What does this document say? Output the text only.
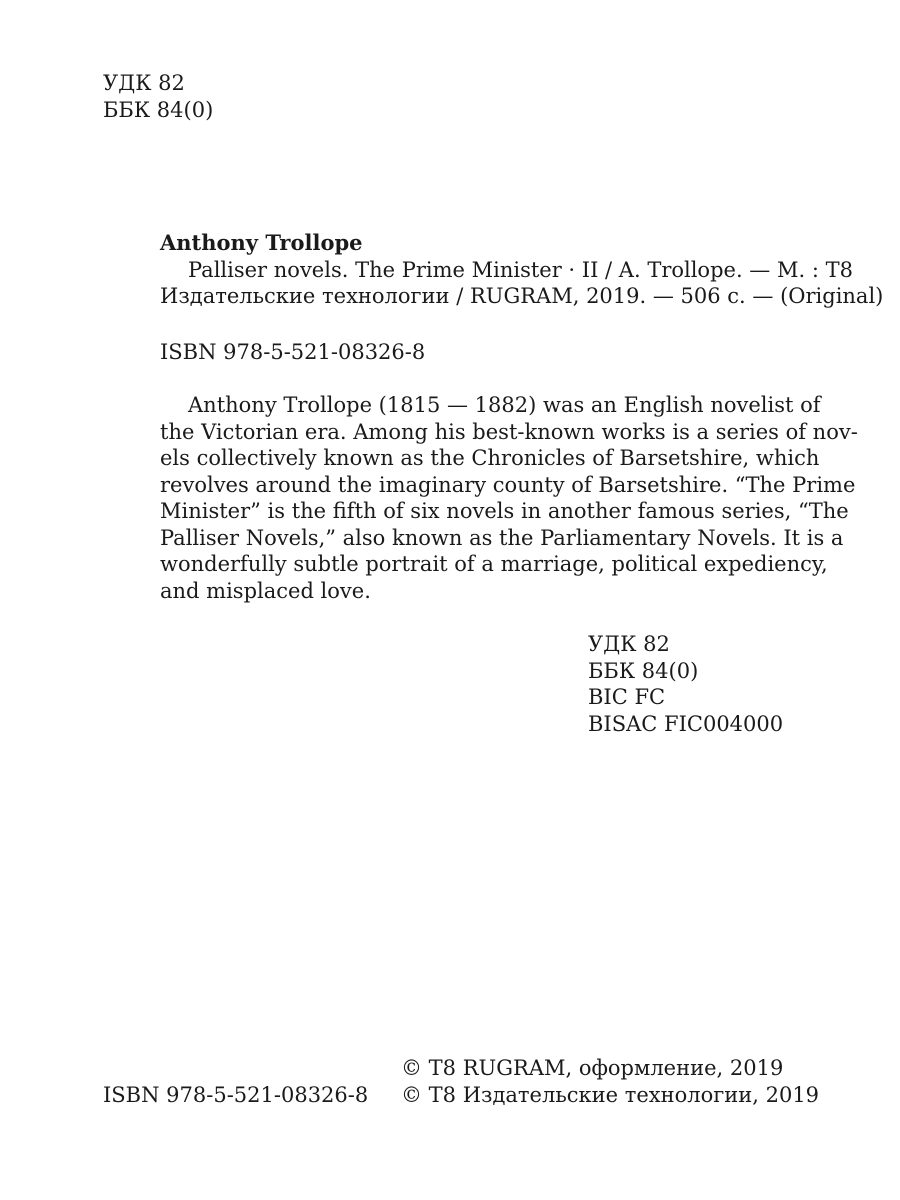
УДК 82
ББК 84(0)
Anthony Trollope
Palliser novels. The Prime Minister · II / A. Trollope. — M. : T8
Издательские технологии / RUGRAM, 2019. — 506 с. — (Original)
ISBN 978-5-521-08326-8
Anthony Trollope (1815 — 1882) was an English novelist of
the Victorian era. Among his best-known works is a series of nov-
els collectively known as the Chronicles of Barsetshire, which
revolves around the imaginary county of Barsetshire. “The Prime
Minister” is the fifth of six novels in another famous series, “The
Palliser Novels,” also known as the Parliamentary Novels. It is a
wonderfully subtle portrait of a marriage, political expediency,
and misplaced love.
УДК 82
ББК 84(0)
BIC FC
BISAC FIC004000
ISBN 978-5-521-08326-8
© T8 RUGRAM, оформление, 2019
© T8 Издательские технологии, 2019
